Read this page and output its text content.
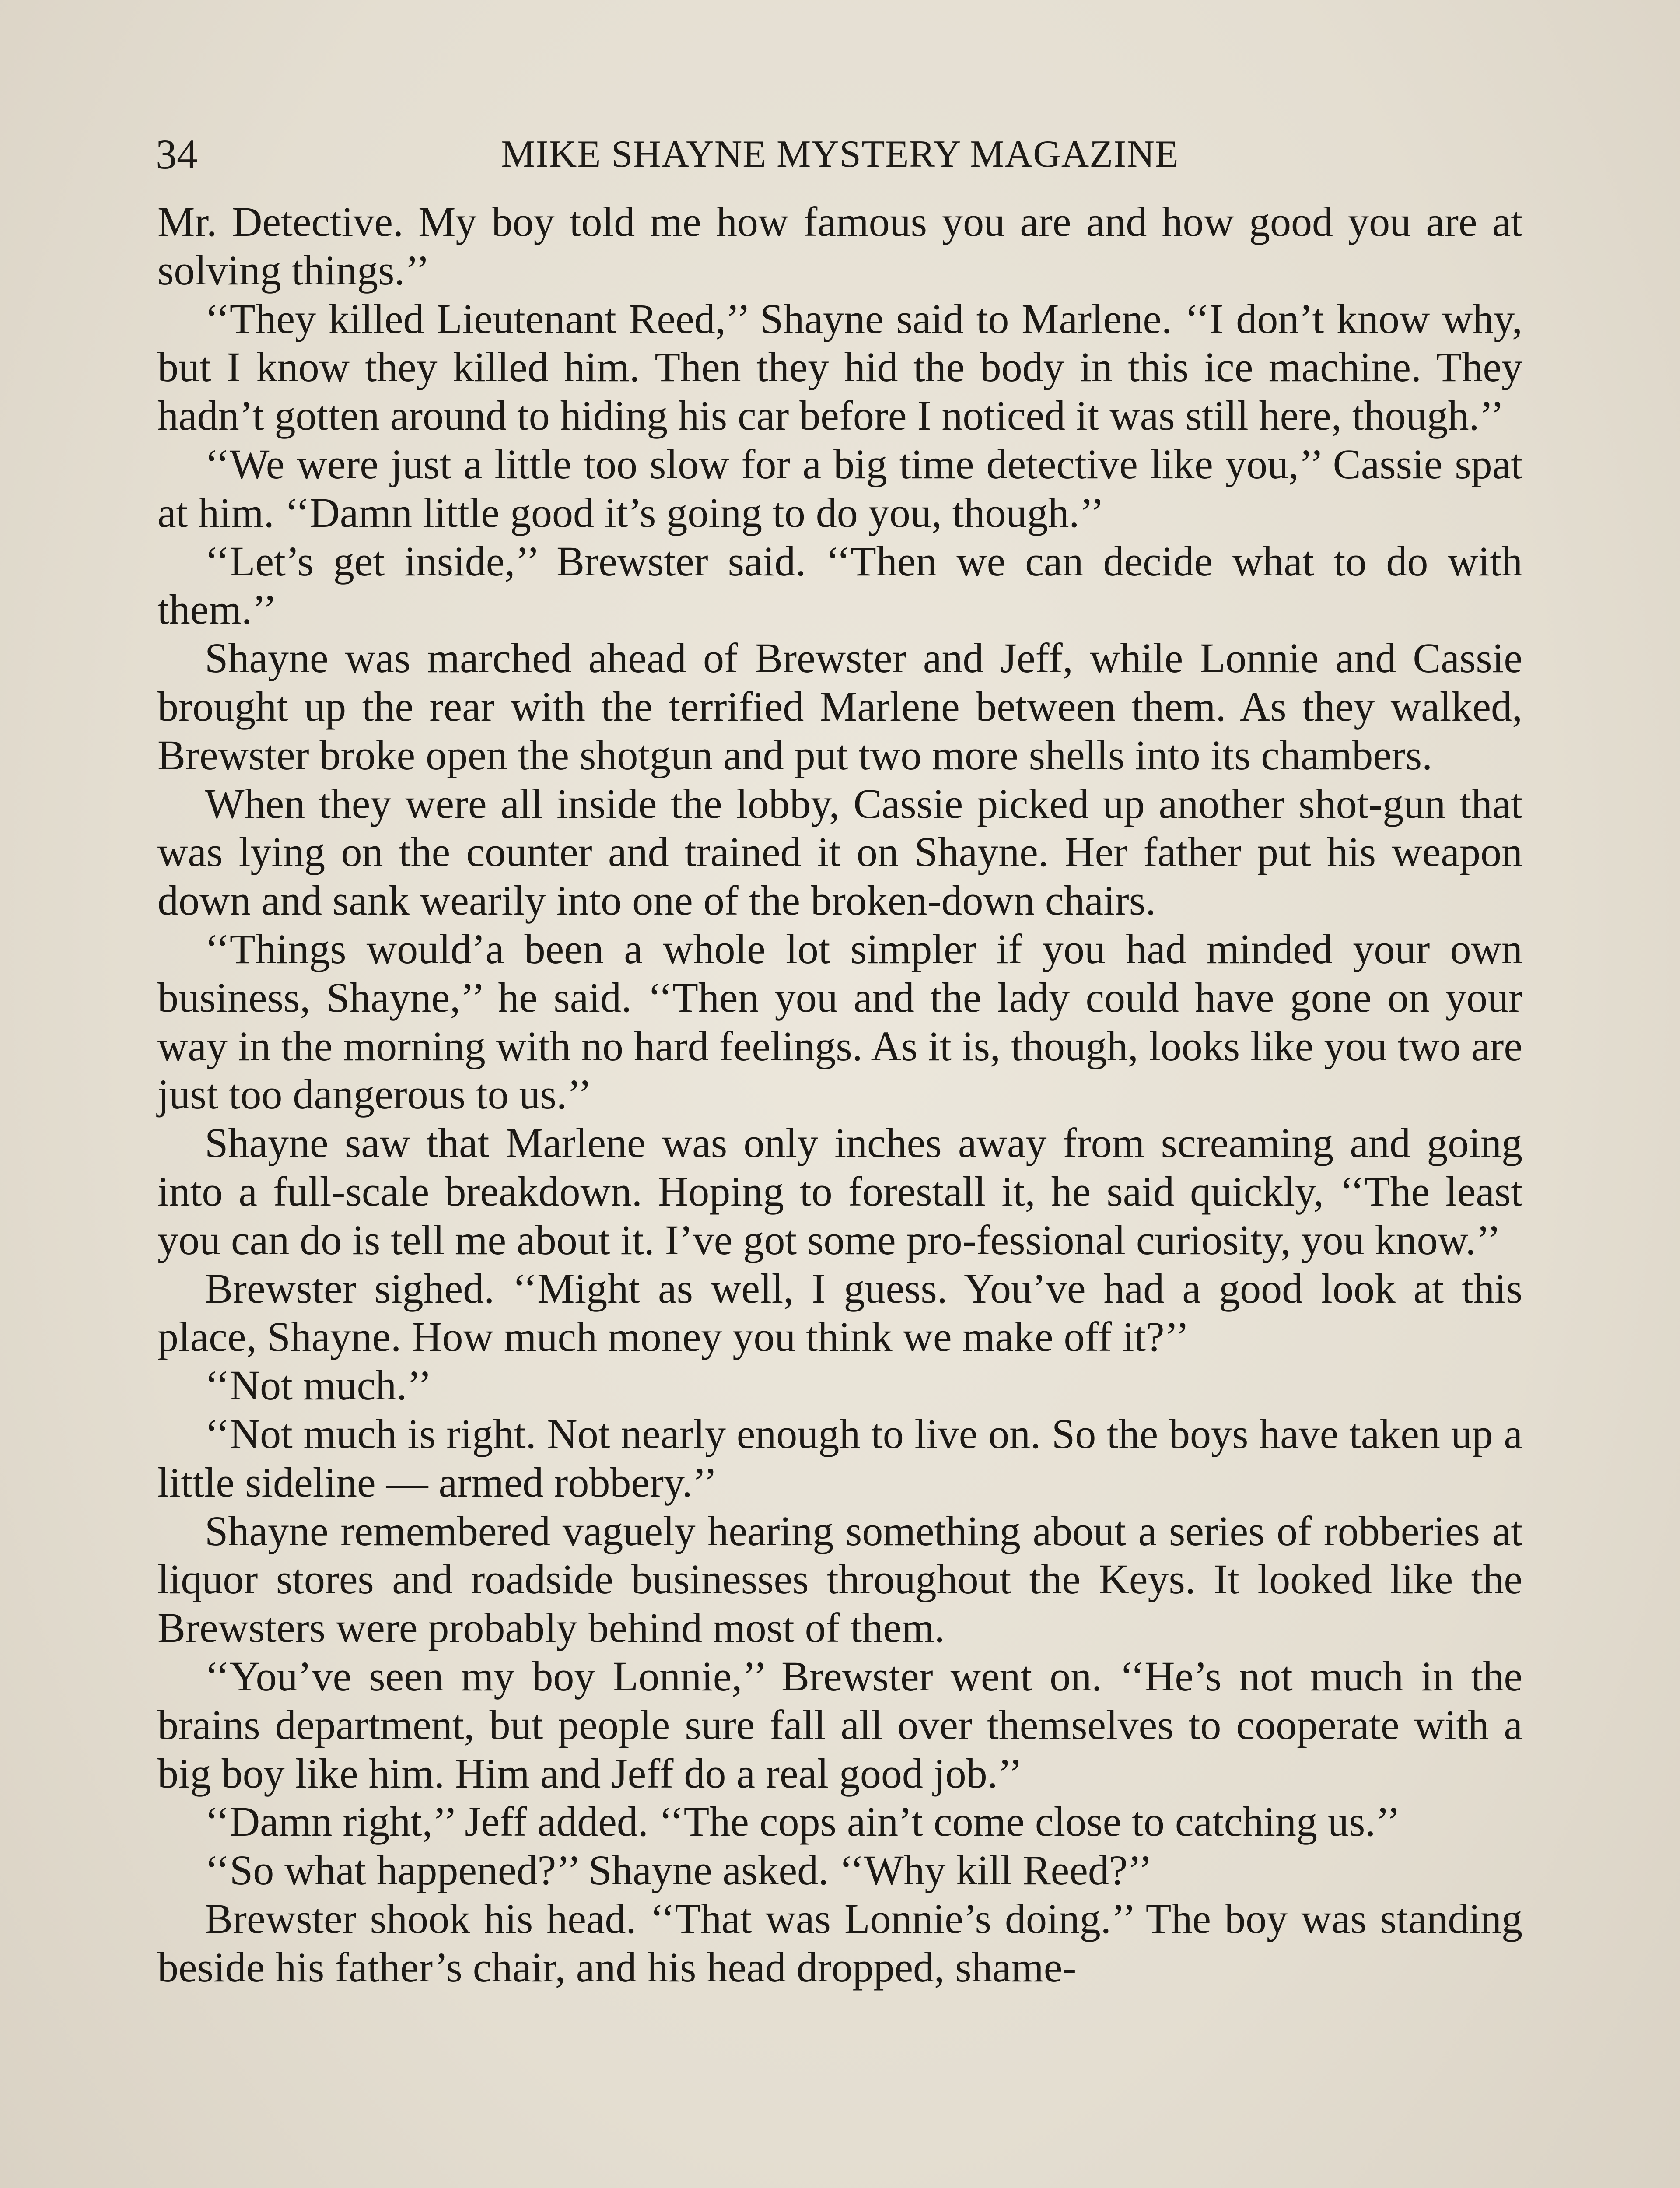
34	MIKE SHAYNE MYSTERY MAGAZINE

Mr. Detective. My boy told me how famous you are and how good you are at solving things.’’

‘‘They killed Lieutenant Reed,’’ Shayne said to Marlene. ‘‘I don’t know why, but I know they killed him. Then they hid the body in this ice machine. They hadn’t gotten around to hiding his car before I noticed it was still here, though.’’

‘‘We were just a little too slow for a big time detective like you,’’ Cassie spat at him. ‘‘Damn little good it’s going to do you, though.’’

‘‘Let’s get inside,’’ Brewster said. ‘‘Then we can decide what to do with them.’’

Shayne was marched ahead of Brewster and Jeff, while Lonnie and Cassie brought up the rear with the terrified Marlene between them. As they walked, Brewster broke open the shotgun and put two more shells into its chambers.

When they were all inside the lobby, Cassie picked up another shot-gun that was lying on the counter and trained it on Shayne. Her father put his weapon down and sank wearily into one of the broken-down chairs.

‘‘Things would’a been a whole lot simpler if you had minded your own business, Shayne,’’ he said. ‘‘Then you and the lady could have gone on your way in the morning with no hard feelings. As it is, though, looks like you two are just too dangerous to us.’’

Shayne saw that Marlene was only inches away from screaming and going into a full-scale breakdown. Hoping to forestall it, he said quickly, ‘‘The least you can do is tell me about it. I’ve got some pro-fessional curiosity, you know.’’

Brewster sighed. ‘‘Might as well, I guess. You’ve had a good look at this place, Shayne. How much money you think we make off it?’’

‘‘Not much.’’

‘‘Not much is right. Not nearly enough to live on. So the boys have taken up a little sideline — armed robbery.’’

Shayne remembered vaguely hearing something about a series of robberies at liquor stores and roadside businesses throughout the Keys. It looked like the Brewsters were probably behind most of them.

‘‘You’ve seen my boy Lonnie,’’ Brewster went on. ‘‘He’s not much in the brains department, but people sure fall all over themselves to cooperate with a big boy like him. Him and Jeff do a real good job.’’

‘‘Damn right,’’ Jeff added. ‘‘The cops ain’t come close to catching us.’’

‘‘So what happened?’’ Shayne asked. ‘‘Why kill Reed?’’

Brewster shook his head. ‘‘That was Lonnie’s doing.’’ The boy was standing beside his father’s chair, and his head dropped, shame-
